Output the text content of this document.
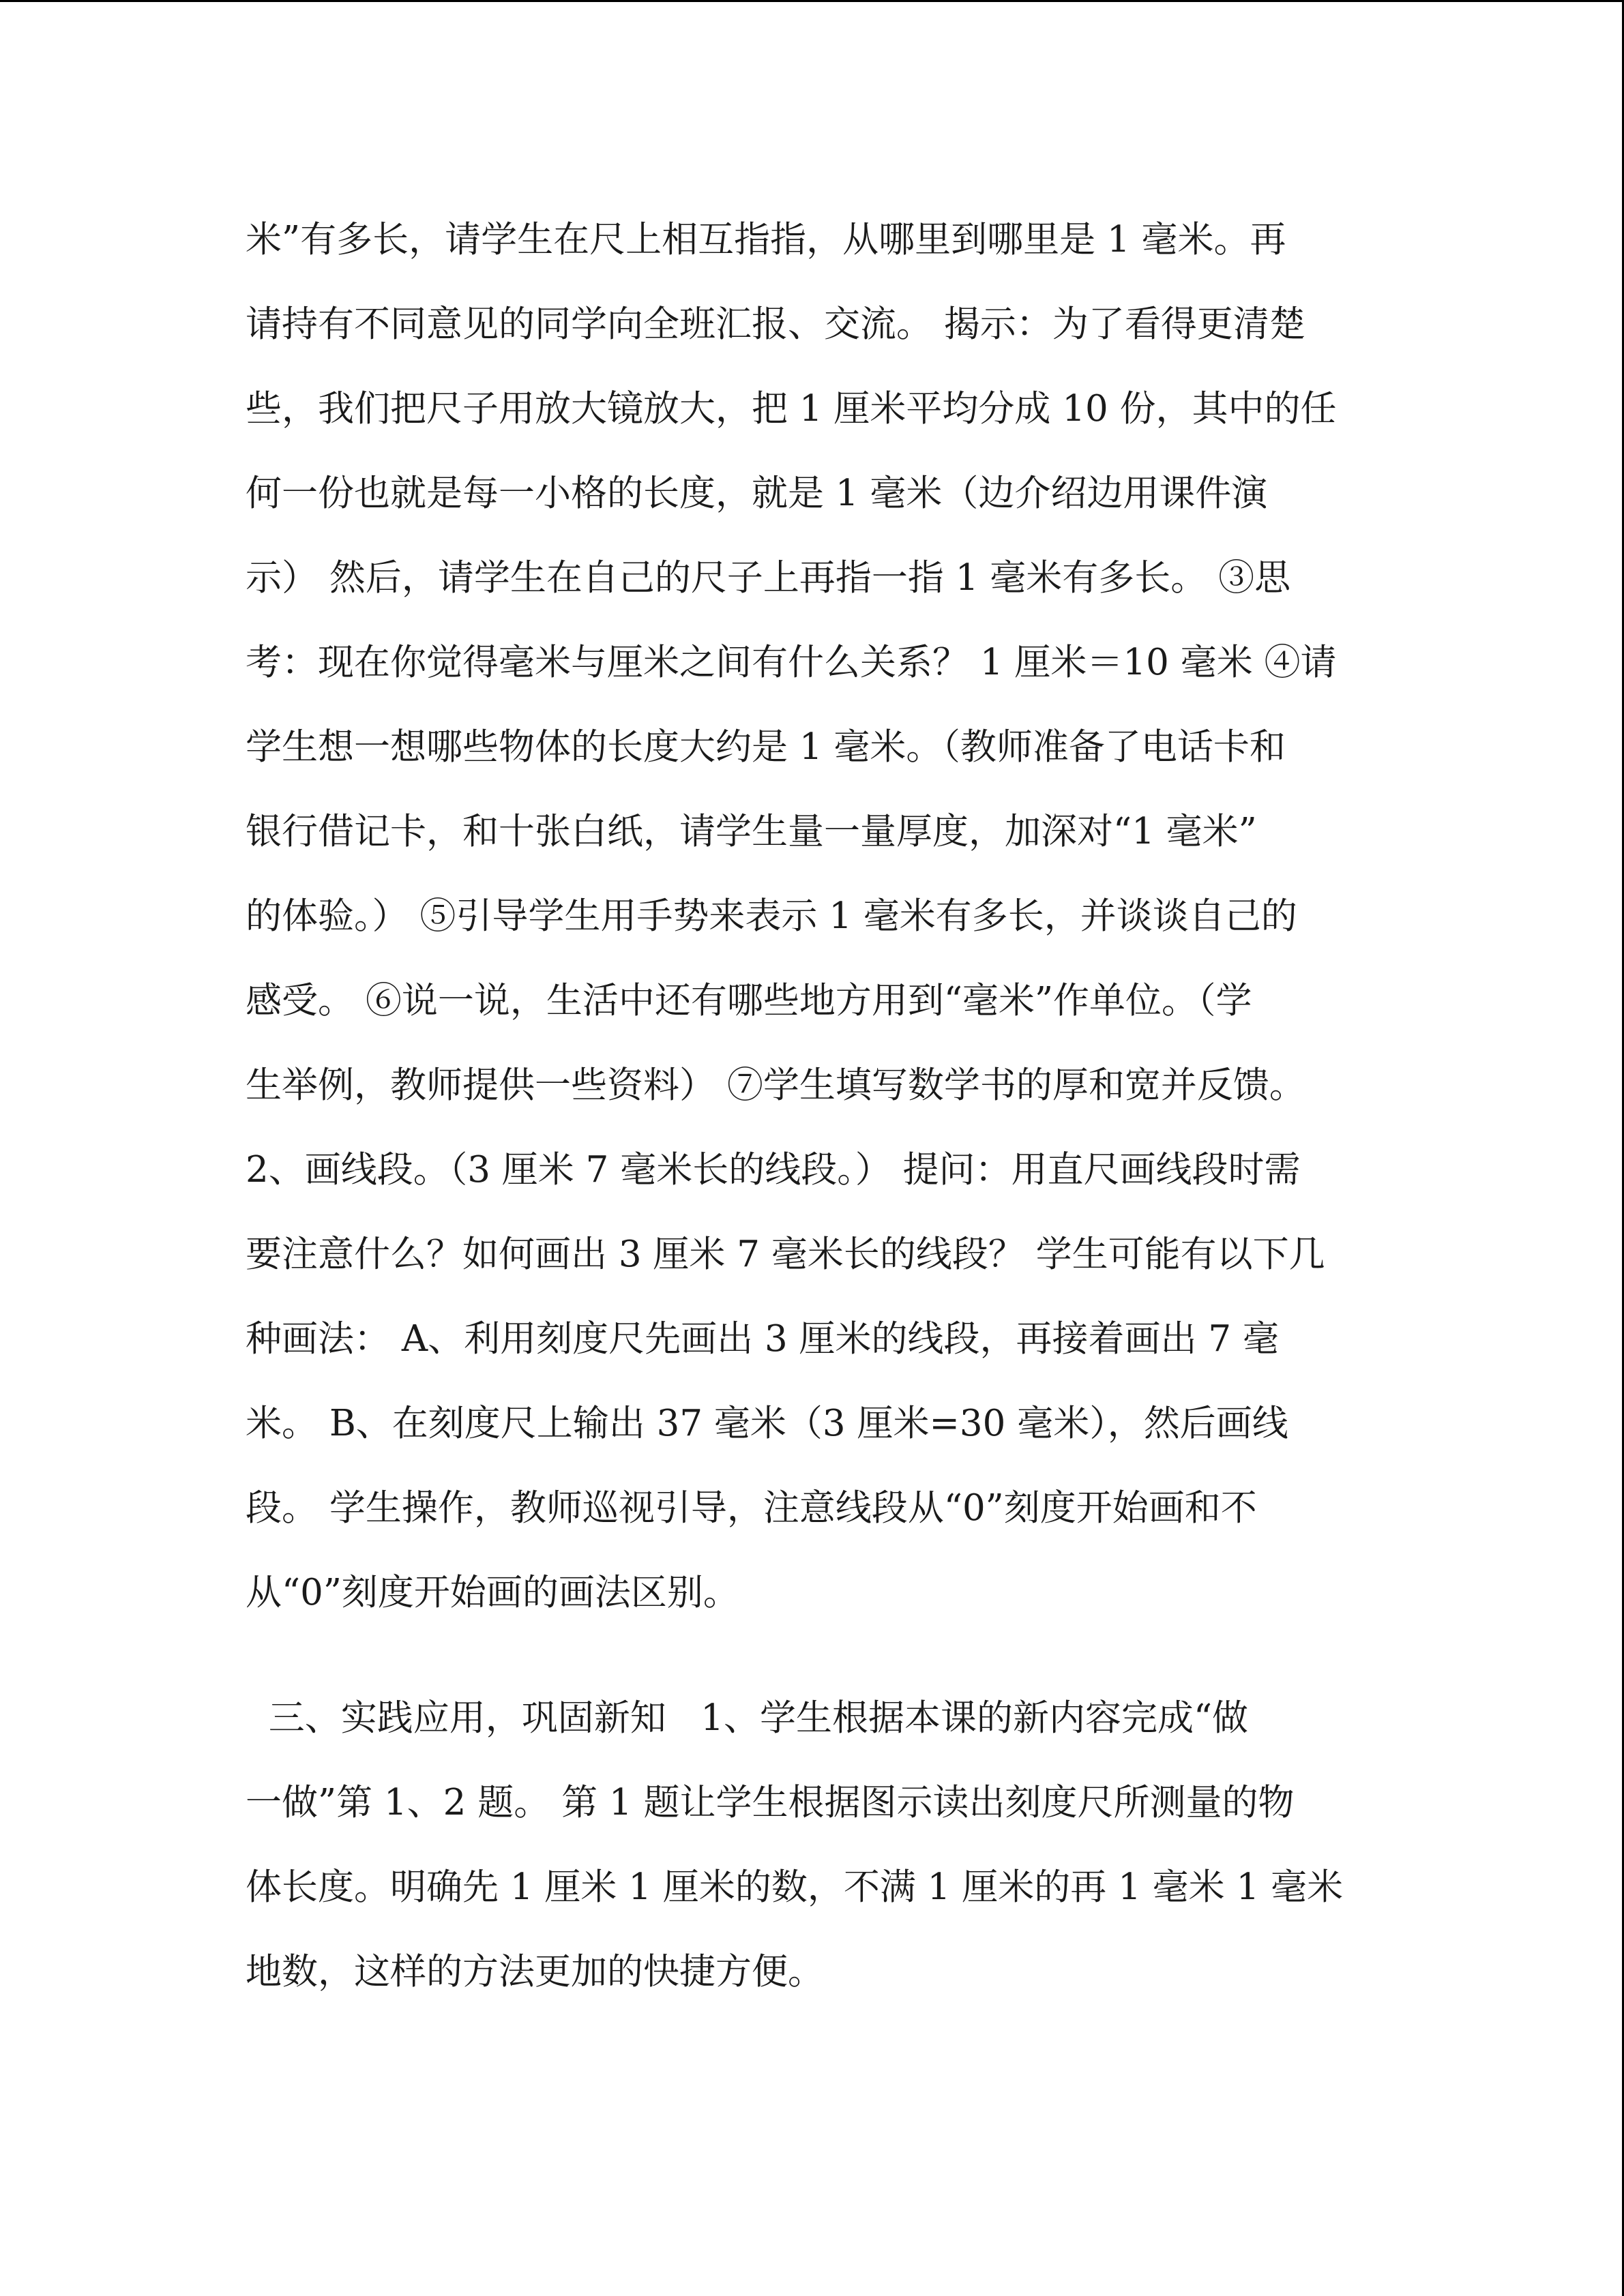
米”有多长，请学生在尺上相互指指，从哪里到哪里是 1 毫米。再
请持有不同意见的同学向全班汇报、交流。 揭示：为了看得更清楚
些，我们把尺子用放大镜放大，把 1 厘米平均分成 10 份，其中的任
何一份也就是每一小格的长度，就是 1 毫米（边介绍边用课件演
示） 然后，请学生在自己的尺子上再指一指 1 毫米有多长。 ③思
考：现在你觉得毫米与厘米之间有什么关系？ 1 厘米＝10 毫米 ④请
学生想一想哪些物体的长度大约是 1 毫米。（教师准备了电话卡和
银行借记卡，和十张白纸，请学生量一量厚度，加深对“1 毫米”
的体验。） ⑤引导学生用手势来表示 1 毫米有多长，并谈谈自己的
感受。 ⑥说一说，生活中还有哪些地方用到“毫米”作单位。（学
生举例，教师提供一些资料） ⑦学生填写数学书的厚和宽并反馈。
2、画线段。（3 厘米 7 毫米长的线段。） 提问：用直尺画线段时需
要注意什么？如何画出 3 厘米 7 毫米长的线段？ 学生可能有以下几
种画法： A、利用刻度尺先画出 3 厘米的线段，再接着画出 7 毫
米。 B、在刻度尺上输出 37 毫米（3 厘米=30 毫米），然后画线
段。 学生操作，教师巡视引导，注意线段从“0”刻度开始画和不
从“0”刻度开始画的画法区别。
三、实践应用，巩固新知   1、学生根据本课的新内容完成“做
一做”第 1、2 题。 第 1 题让学生根据图示读出刻度尺所测量的物
体长度。明确先 1 厘米 1 厘米的数，不满 1 厘米的再 1 毫米 1 毫米
地数，这样的方法更加的快捷方便。
